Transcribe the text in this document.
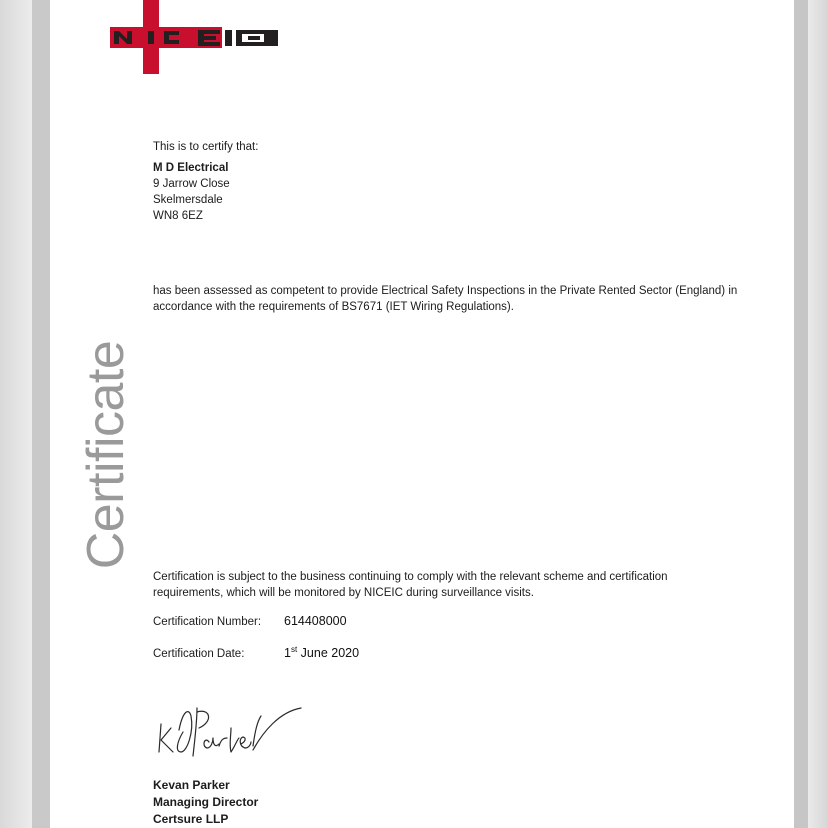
Certificate
This is to certify that:
M D Electrical
9 Jarrow Close
Skelmersdale
WN8 6EZ
has been assessed as competent to provide Electrical Safety Inspections in the Private Rented Sector (England) in accordance with the requirements of BS7671 (IET Wiring Regulations).
Certification is subject to the business continuing to comply with the relevant scheme and certification requirements, which will be monitored by NICEIC during surveillance visits.
Certification Number: 614408000
Certification Date:	1st June 2020
Kevan Parker
Managing Director
Certsure LLP
